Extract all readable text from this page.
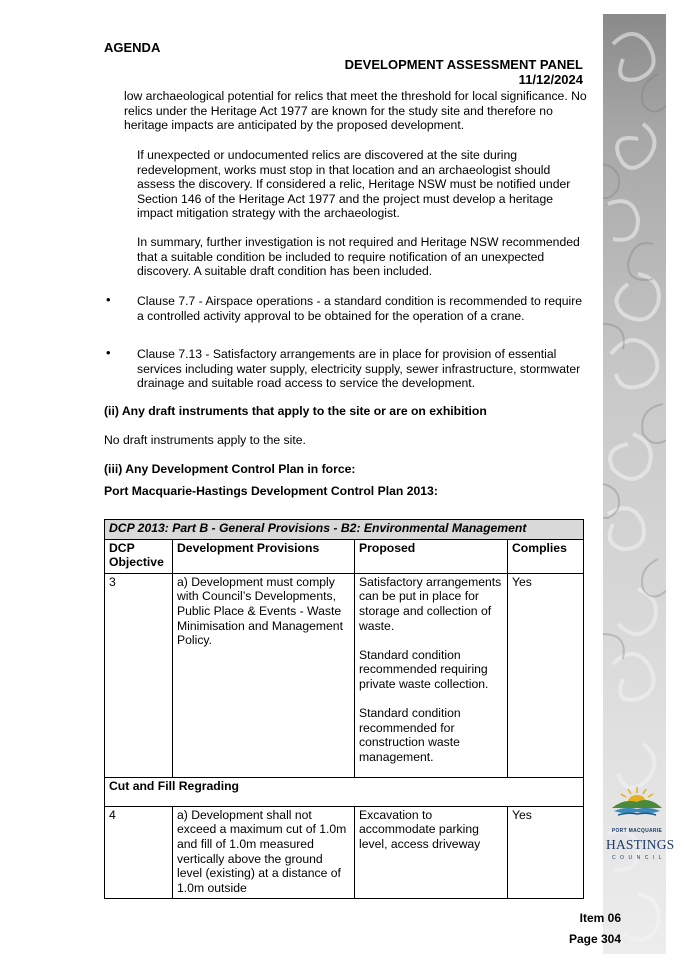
AGENDA
DEVELOPMENT ASSESSMENT PANEL
11/12/2024
low archaeological potential for relics that meet the threshold for local significance. No relics under the Heritage Act 1977 are known for the study site and therefore no heritage impacts are anticipated by the proposed development.
If unexpected or undocumented relics are discovered at the site during redevelopment, works must stop in that location and an archaeologist should assess the discovery. If considered a relic, Heritage NSW must be notified under Section 146 of the Heritage Act 1977 and the project must develop a heritage impact mitigation strategy with the archaeologist.
In summary, further investigation is not required and Heritage NSW recommended that a suitable condition be included to require notification of an unexpected discovery. A suitable draft condition has been included.
• Clause 7.7 - Airspace operations - a standard condition is recommended to require a controlled activity approval to be obtained for the operation of a crane.
• Clause 7.13 - Satisfactory arrangements are in place for provision of essential services including water supply, electricity supply, sewer infrastructure, stormwater drainage and suitable road access to service the development.
(ii) Any draft instruments that apply to the site or are on exhibition
No draft instruments apply to the site.
(iii) Any Development Control Plan in force:
Port Macquarie-Hastings Development Control Plan 2013:
DCP 2013: Part B - General Provisions - B2: Environmental Management			
DCP Objective	Development Provisions	Proposed	Complies
3	a) Development must comply with Council’s Developments, Public Place & Events - Waste Minimisation and Management Policy.	Satisfactory arrangements can be put in place for storage and collection of waste.
Standard condition recommended requiring private waste collection.
Standard condition recommended for construction waste management.	Yes
Cut and Fill Regrading			
4	a) Development shall not exceed a maximum cut of 1.0m and fill of 1.0m measured vertically above the ground level (existing) at a distance of 1.0m outside	Excavation to accommodate parking level, access driveway	Yes
PORT MACQUARIE
HASTINGS
COUNCIL
Item 06
Page 304
